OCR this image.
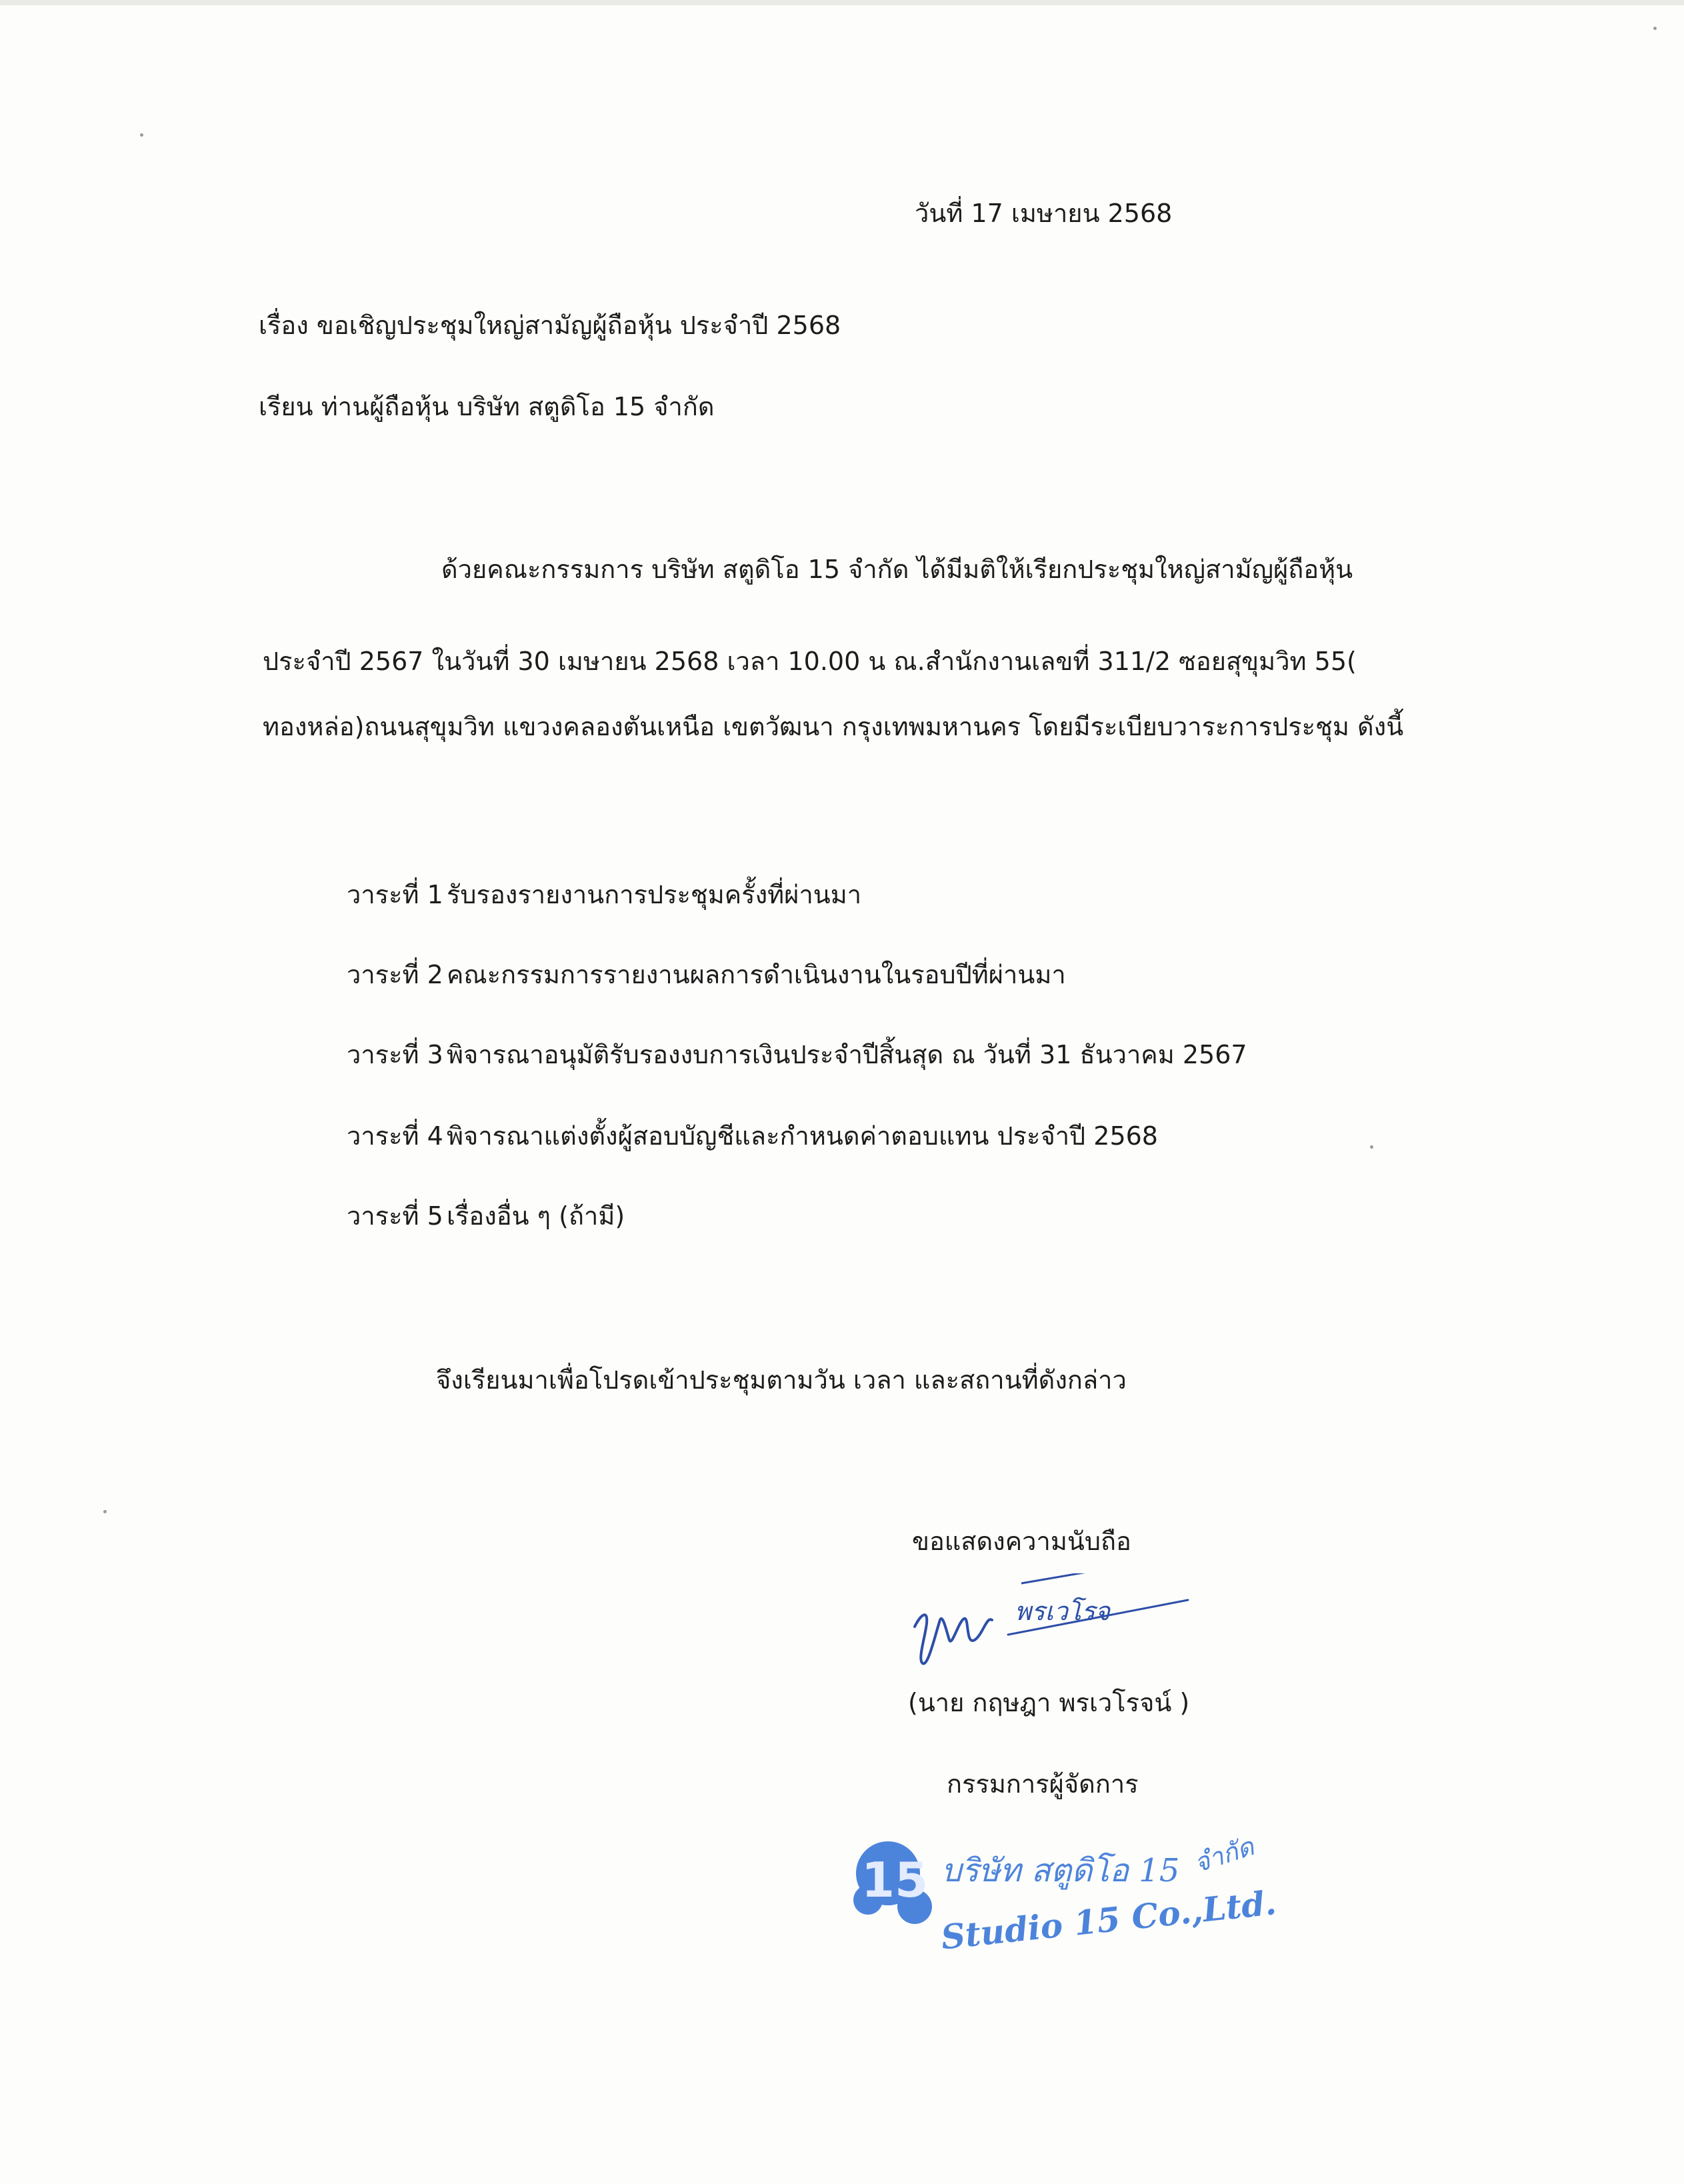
วันที่ 17 เมษายน 2568
เรื่อง ขอเชิญประชุมใหญ่สามัญผู้ถือหุ้น ประจำปี 2568
เรียน ท่านผู้ถือหุ้น บริษัท สตูดิโอ 15 จำกัด
ด้วยคณะกรรมการ บริษัท สตูดิโอ 15 จำกัด ได้มีมติให้เรียกประชุมใหญ่สามัญผู้ถือหุ้น
ประจำปี 2567 ในวันที่ 30 เมษายน 2568 เวลา 10.00 น ณ.สำนักงานเลขที่ 311/2 ซอยสุขุมวิท 55(
ทองหล่อ)ถนนสุขุมวิท แขวงคลองตันเหนือ เขตวัฒนา กรุงเทพมหานคร โดยมีระเบียบวาระการประชุม ดังนี้
วาระที่ 1 รับรองรายงานการประชุมครั้งที่ผ่านมา
วาระที่ 2 คณะกรรมการรายงานผลการดำเนินงานในรอบปีที่ผ่านมา
วาระที่ 3 พิจารณาอนุมัติรับรองงบการเงินประจำปีสิ้นสุด ณ วันที่ 31 ธันวาคม 2567
วาระที่ 4 พิจารณาแต่งตั้งผู้สอบบัญชีและกำหนดค่าตอบแทน ประจำปี 2568
วาระที่ 5 เรื่องอื่น ๆ (ถ้ามี)
จึงเรียนมาเพื่อโปรดเข้าประชุมตามวัน เวลา และสถานที่ดังกล่าว
ขอแสดงความนับถือ
พรเวโรจ
(นาย กฤษฎา พรเวโรจน์ )
กรรมการผู้จัดการ
15 บริษัท สตูดิโอ 15 จำกัด
Studio 15 Co.,Ltd.
